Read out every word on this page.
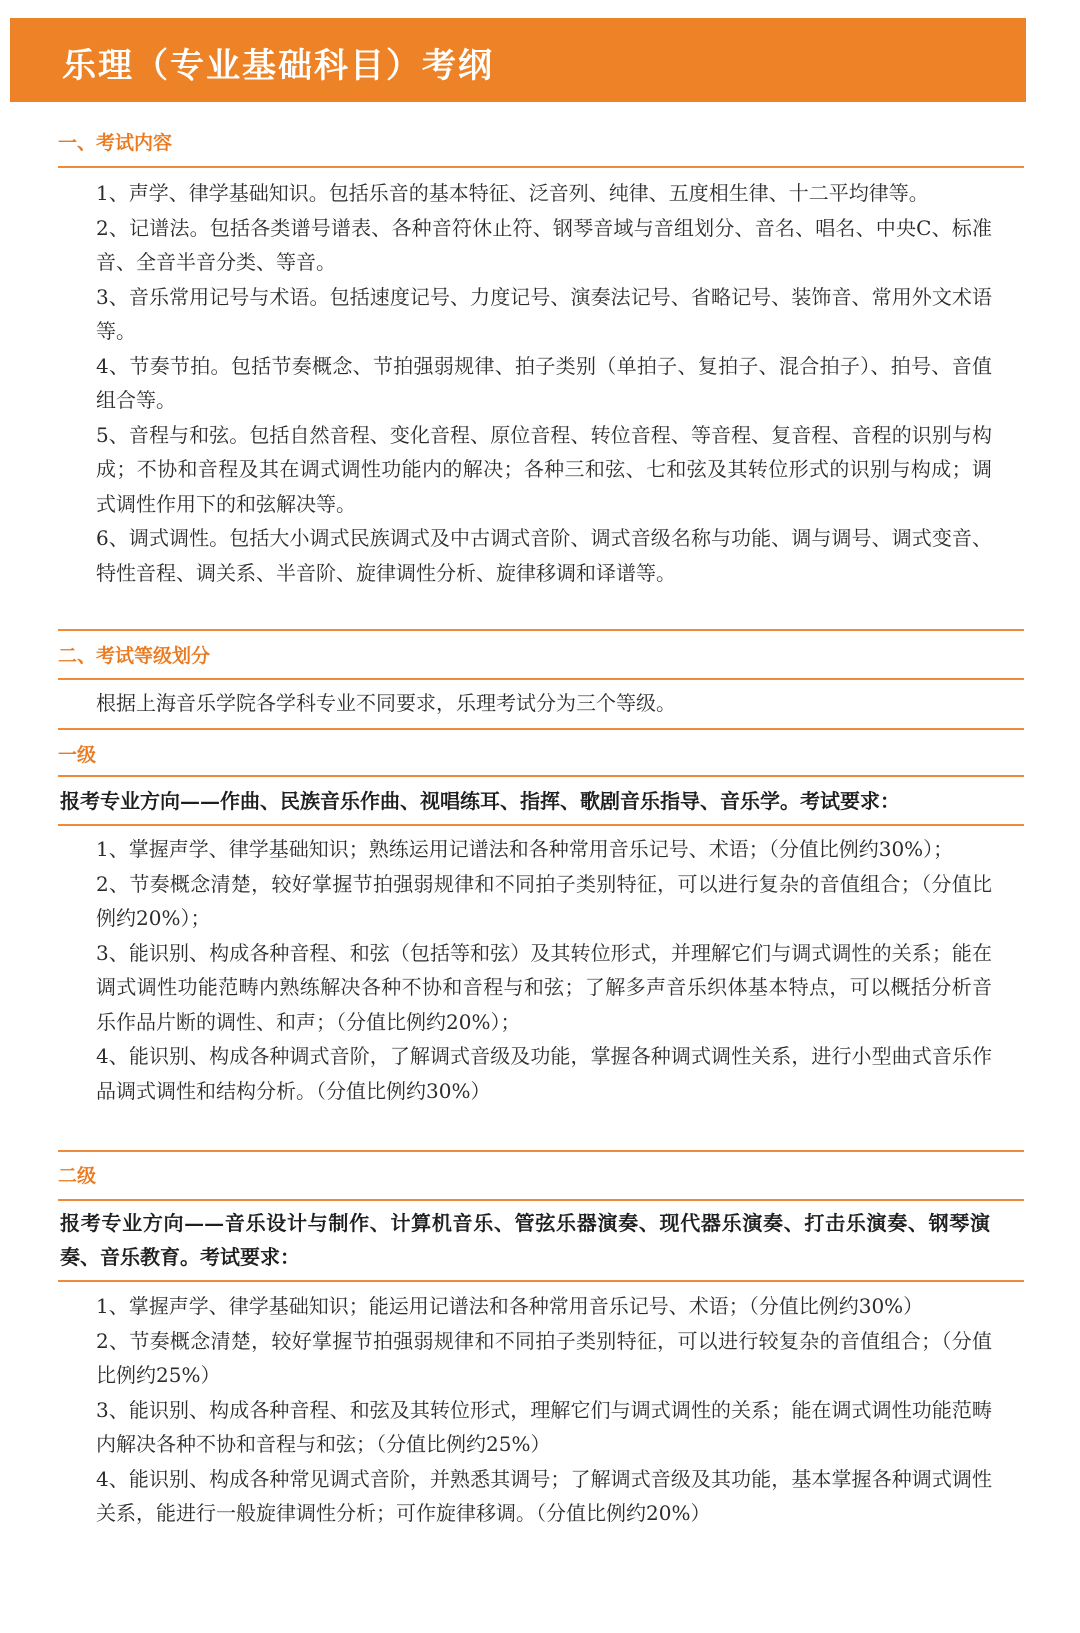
乐理（专业基础科目）考纲
一、考试内容

1、声学、律学基础知识。包括乐音的基本特征、泛音列、纯律、五度相生律、十二平均律等。

2、记谱法。包括各类谱号谱表、各种音符休止符、钢琴音域与音组划分、音名、唱名、中央C、标准音、全音半音分类、等音。

3、音乐常用记号与术语。包括速度记号、力度记号、演奏法记号、省略记号、装饰音、常用外文术语等。

4、节奏节拍。包括节奏概念、节拍强弱规律、拍子类别（单拍子、复拍子、混合拍子）、拍号、音值组合等。

5、音程与和弦。包括自然音程、变化音程、原位音程、转位音程、等音程、复音程、音程的识别与构成；不协和音程及其在调式调性功能内的解决；各种三和弦、七和弦及其转位形式的识别与构成；调式调性作用下的和弦解决等。

6、调式调性。包括大小调式民族调式及中古调式音阶、调式音级名称与功能、调与调号、调式变音、特性音程、调关系、半音阶、旋律调性分析、旋律移调和译谱等。

二、考试等级划分
根据上海音乐学院各学科专业不同要求，乐理考试分为三个等级。
一级
报考专业方向——作曲、民族音乐作曲、视唱练耳、指挥、歌剧音乐指导、音乐学。考试要求：

1、掌握声学、律学基础知识；熟练运用记谱法和各种常用音乐记号、术语；（分值比例约30%）；

2、节奏概念清楚，较好掌握节拍强弱规律和不同拍子类别特征，可以进行复杂的音值组合；（分值比例约20%）；

3、能识别、构成各种音程、和弦（包括等和弦）及其转位形式，并理解它们与调式调性的关系；能在调式调性功能范畴内熟练解决各种不协和音程与和弦；了解多声音乐织体基本特点，可以概括分析音乐作品片断的调性、和声；（分值比例约20%）；

4、能识别、构成各种调式音阶，了解调式音级及功能，掌握各种调式调性关系，进行小型曲式音乐作品调式调性和结构分析。（分值比例约30%）

二级
报考专业方向——音乐设计与制作、计算机音乐、管弦乐器演奏、现代器乐演奏、打击乐演奏、钢琴演奏、音乐教育。考试要求：

1、掌握声学、律学基础知识；能运用记谱法和各种常用音乐记号、术语；（分值比例约30%）

2、节奏概念清楚，较好掌握节拍强弱规律和不同拍子类别特征，可以进行较复杂的音值组合；（分值比例约25%）

3、能识别、构成各种音程、和弦及其转位形式，理解它们与调式调性的关系；能在调式调性功能范畴内解决各种不协和音程与和弦；（分值比例约25%）

4、能识别、构成各种常见调式音阶，并熟悉其调号；了解调式音级及其功能，基本掌握各种调式调性关系，能进行一般旋律调性分析；可作旋律移调。（分值比例约20%）
